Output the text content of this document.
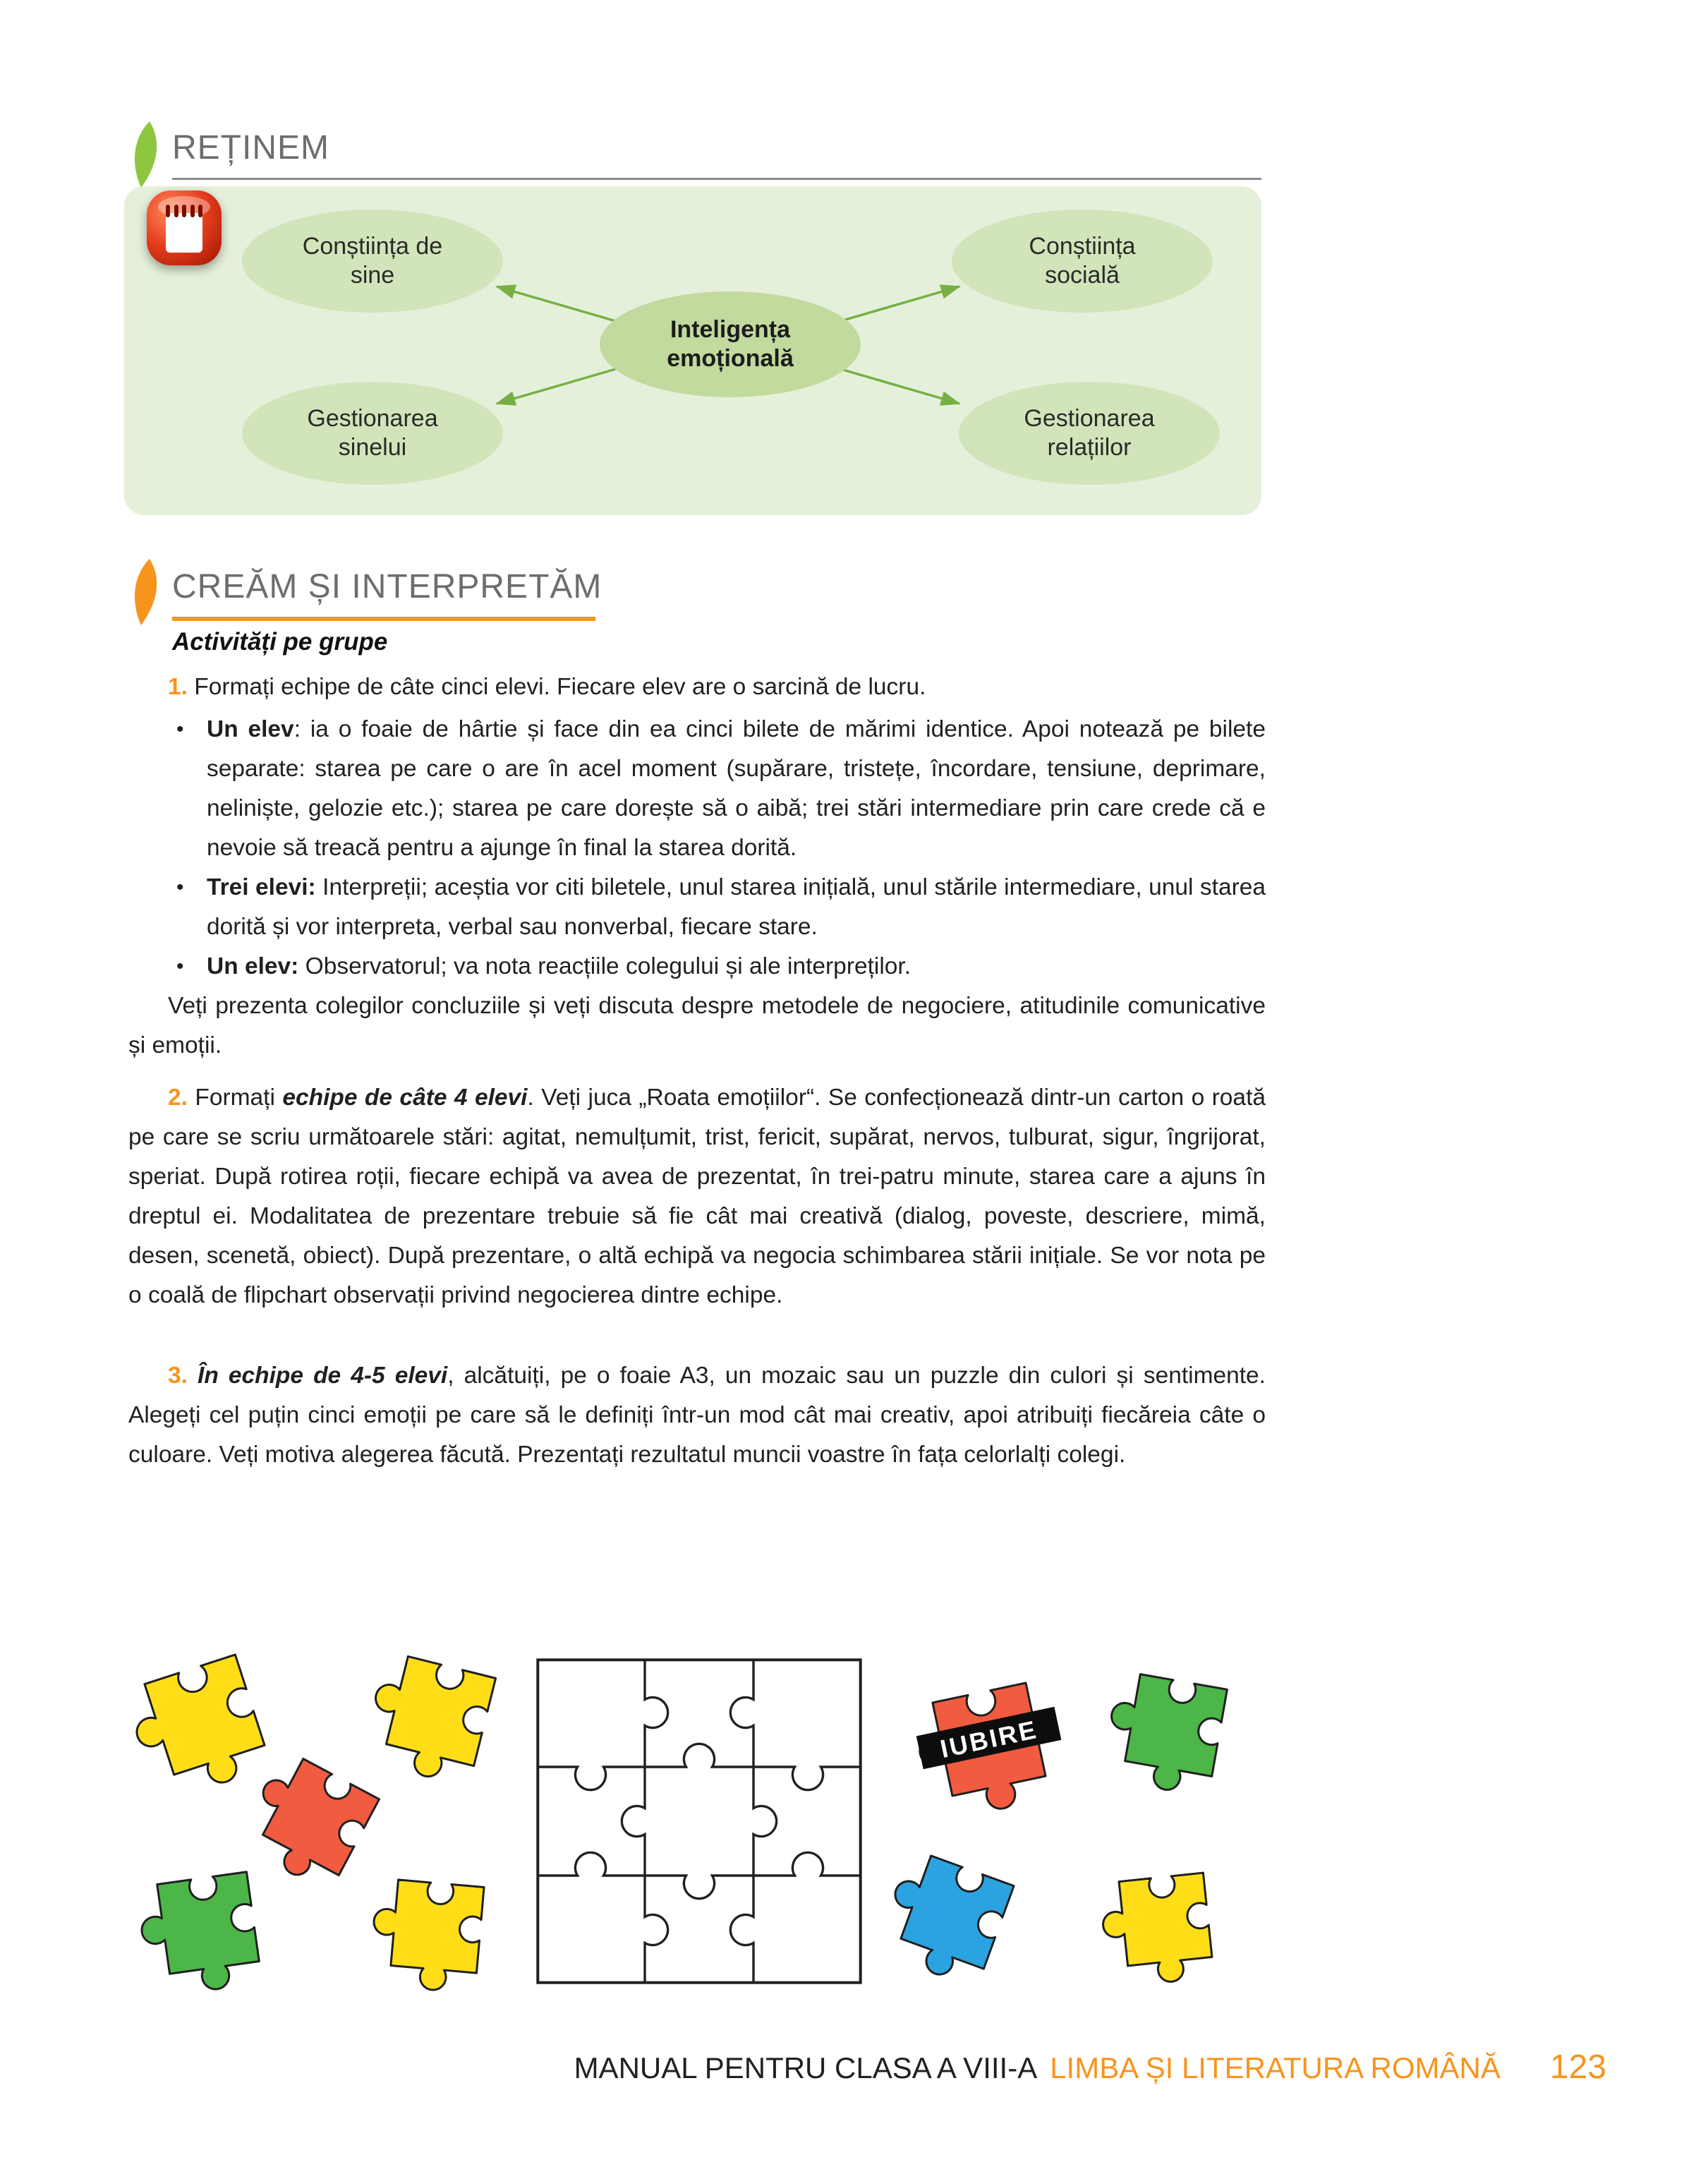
REȚINEM
Conștiința de sine
Conștiința socială
Gestionarea sinelui
Gestionarea relațiilor
Inteligența emoțională
CREĂM ȘI INTERPRETĂM

Activități pe grupe

1. Formați echipe de câte cinci elevi. Fiecare elev are o sarcină de lucru.

• Un elev: ia o foaie de hârtie și face din ea cinci bilete de mărimi identice. Apoi notează pe bilete separate: starea pe care o are în acel moment (supărare, tristețe, încordare, tensiune, deprimare, neliniște, gelozie etc.); starea pe care dorește să o aibă; trei stări intermediare prin care crede că e nevoie să treacă pentru a ajunge în final la starea dorită.

• Trei elevi: Interpreții; aceștia vor citi biletele, unul starea inițială, unul stările intermediare, unul starea dorită și vor interpreta, verbal sau nonverbal, fiecare stare.

• Un elev: Observatorul; va nota reacțiile colegului și ale interpreților.

Veți prezenta colegilor concluziile și veți discuta despre metodele de negociere, atitudinile comunicative și emoții.

2. Formați echipe de câte 4 elevi. Veți juca „Roata emoțiilor“. Se confecționează dintr-un carton o roată pe care se scriu următoarele stări: agitat, nemulțumit, trist, fericit, supărat, nervos, tulburat, sigur, îngrijorat, speriat. După rotirea roții, fiecare echipă va avea de prezentat, în trei-patru minute, starea care a ajuns în dreptul ei. Modalitatea de prezentare trebuie să fie cât mai creativă (dialog, poveste, descriere, mimă, desen, scenetă, obiect). După prezentare, o altă echipă va negocia schimbarea stării inițiale. Se vor nota pe o coală de flipchart observații privind negocierea dintre echipe.

3. În echipe de 4-5 elevi, alcătuiți, pe o foaie A3, un mozaic sau un puzzle din culori și sentimente. Alegeți cel puțin cinci emoții pe care să le definiți într-un mod cât mai creativ, apoi atribuiți fiecăreia câte o culoare. Veți motiva alegerea făcută. Prezentați rezultatul muncii voastre în fața celorlalți colegi.

IUBIRE
MANUAL PENTRU CLASA A VIII-A LIMBA ȘI LITERATURA ROMÂNĂ 123
